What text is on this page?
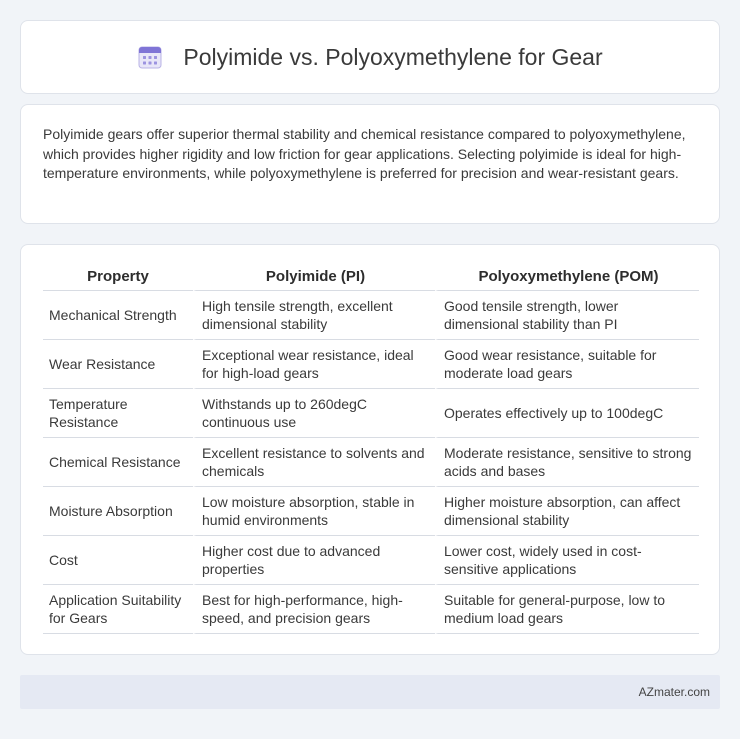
Polyimide vs. Polyoxymethylene for Gear

Polyimide gears offer superior thermal stability and chemical resistance compared to polyoxymethylene, which provides higher rigidity and low friction for gear applications. Selecting polyimide is ideal for high-temperature environments, while polyoxymethylene is preferred for precision and wear-resistant gears.

Property	Polyimide (PI)	Polyoxymethylene (POM)
Mechanical Strength	High tensile strength, excellent dimensional stability	Good tensile strength, lower dimensional stability than PI
Wear Resistance	Exceptional wear resistance, ideal for high-load gears	Good wear resistance, suitable for moderate load gears
Temperature Resistance	Withstands up to 260degC continuous use	Operates effectively up to 100degC
Chemical Resistance	Excellent resistance to solvents and chemicals	Moderate resistance, sensitive to strong acids and bases
Moisture Absorption	Low moisture absorption, stable in humid environments	Higher moisture absorption, can affect dimensional stability
Cost	Higher cost due to advanced properties	Lower cost, widely used in cost-sensitive applications
Application Suitability for Gears	Best for high-performance, high-speed, and precision gears	Suitable for general-purpose, low to medium load gears
AZmater.com
